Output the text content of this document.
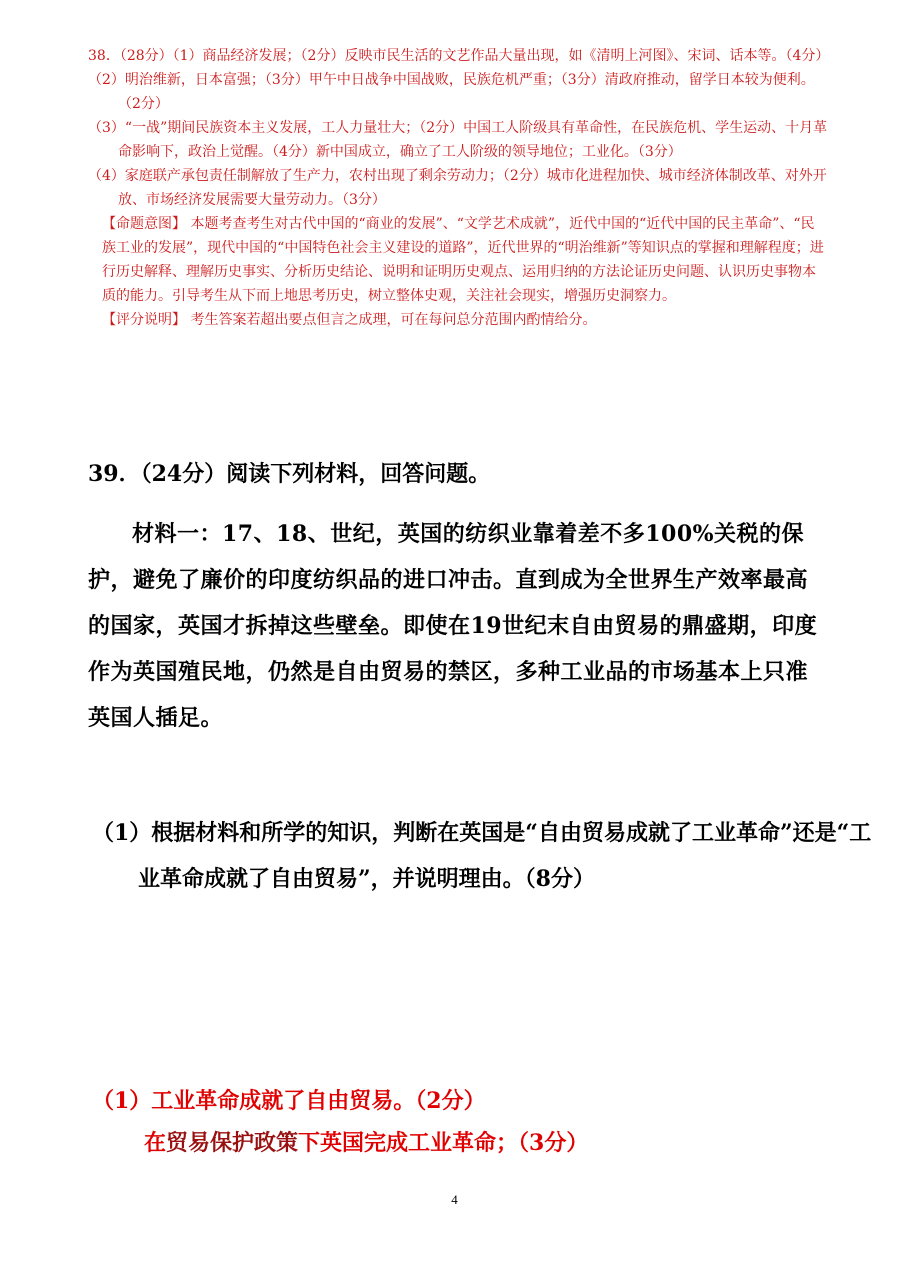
38．（28分）（1）商品经济发展；（2分）反映市民生活的文艺作品大量出现，如《清明上河图》、宋词、话本等。（4分）

（2）明治维新，日本富强；（3分）甲午中日战争中国战败，民族危机严重；（3分）清政府推动，留学日本较为便利。（2分）

（3）“一战”期间民族资本主义发展，工人力量壮大；（2分）中国工人阶级具有革命性，在民族危机、学生运动、十月革命影响下，政治上觉醒。（4分）新中国成立，确立了工人阶级的领导地位；工业化。（3分）

（4）家庭联产承包责任制解放了生产力，农村出现了剩余劳动力；（2分）城市化进程加快、城市经济体制改革、对外开放、市场经济发展需要大量劳动力。（3分）

【命题意图】 本题考查考生对古代中国的“商业的发展”、“文学艺术成就”，近代中国的“近代中国的民主革命”、“民族工业的发展”，现代中国的“中国特色社会主义建设的道路”，近代世界的“明治维新”等知识点的掌握和理解程度；进行历史解释、理解历史事实、分析历史结论、说明和证明历史观点、运用归纳的方法论证历史问题、认识历史事物本质的能力。引导考生从下而上地思考历史，树立整体史观，关注社会现实，增强历史洞察力。

【评分说明】 考生答案若超出要点但言之成理，可在每问总分范围内酌情给分。

39．（24分）阅读下列材料，回答问题。

材料一：17、18、世纪，英国的纺织业靠着差不多100%关税的保护，避免了廉价的印度纺织品的进口冲击。直到成为全世界生产效率最高的国家，英国才拆掉这些壁垒。即使在19世纪末自由贸易的鼎盛期，印度作为英国殖民地，仍然是自由贸易的禁区，多种工业品的市场基本上只准英国人插足。

（1）根据材料和所学的知识，判断在英国是“自由贸易成就了工业革命”还是“工业革命成就了自由贸易”，并说明理由。（8分）

（1）工业革命成就了自由贸易。（2分）

在贸易保护政策下英国完成工业革命；（3分）

4
